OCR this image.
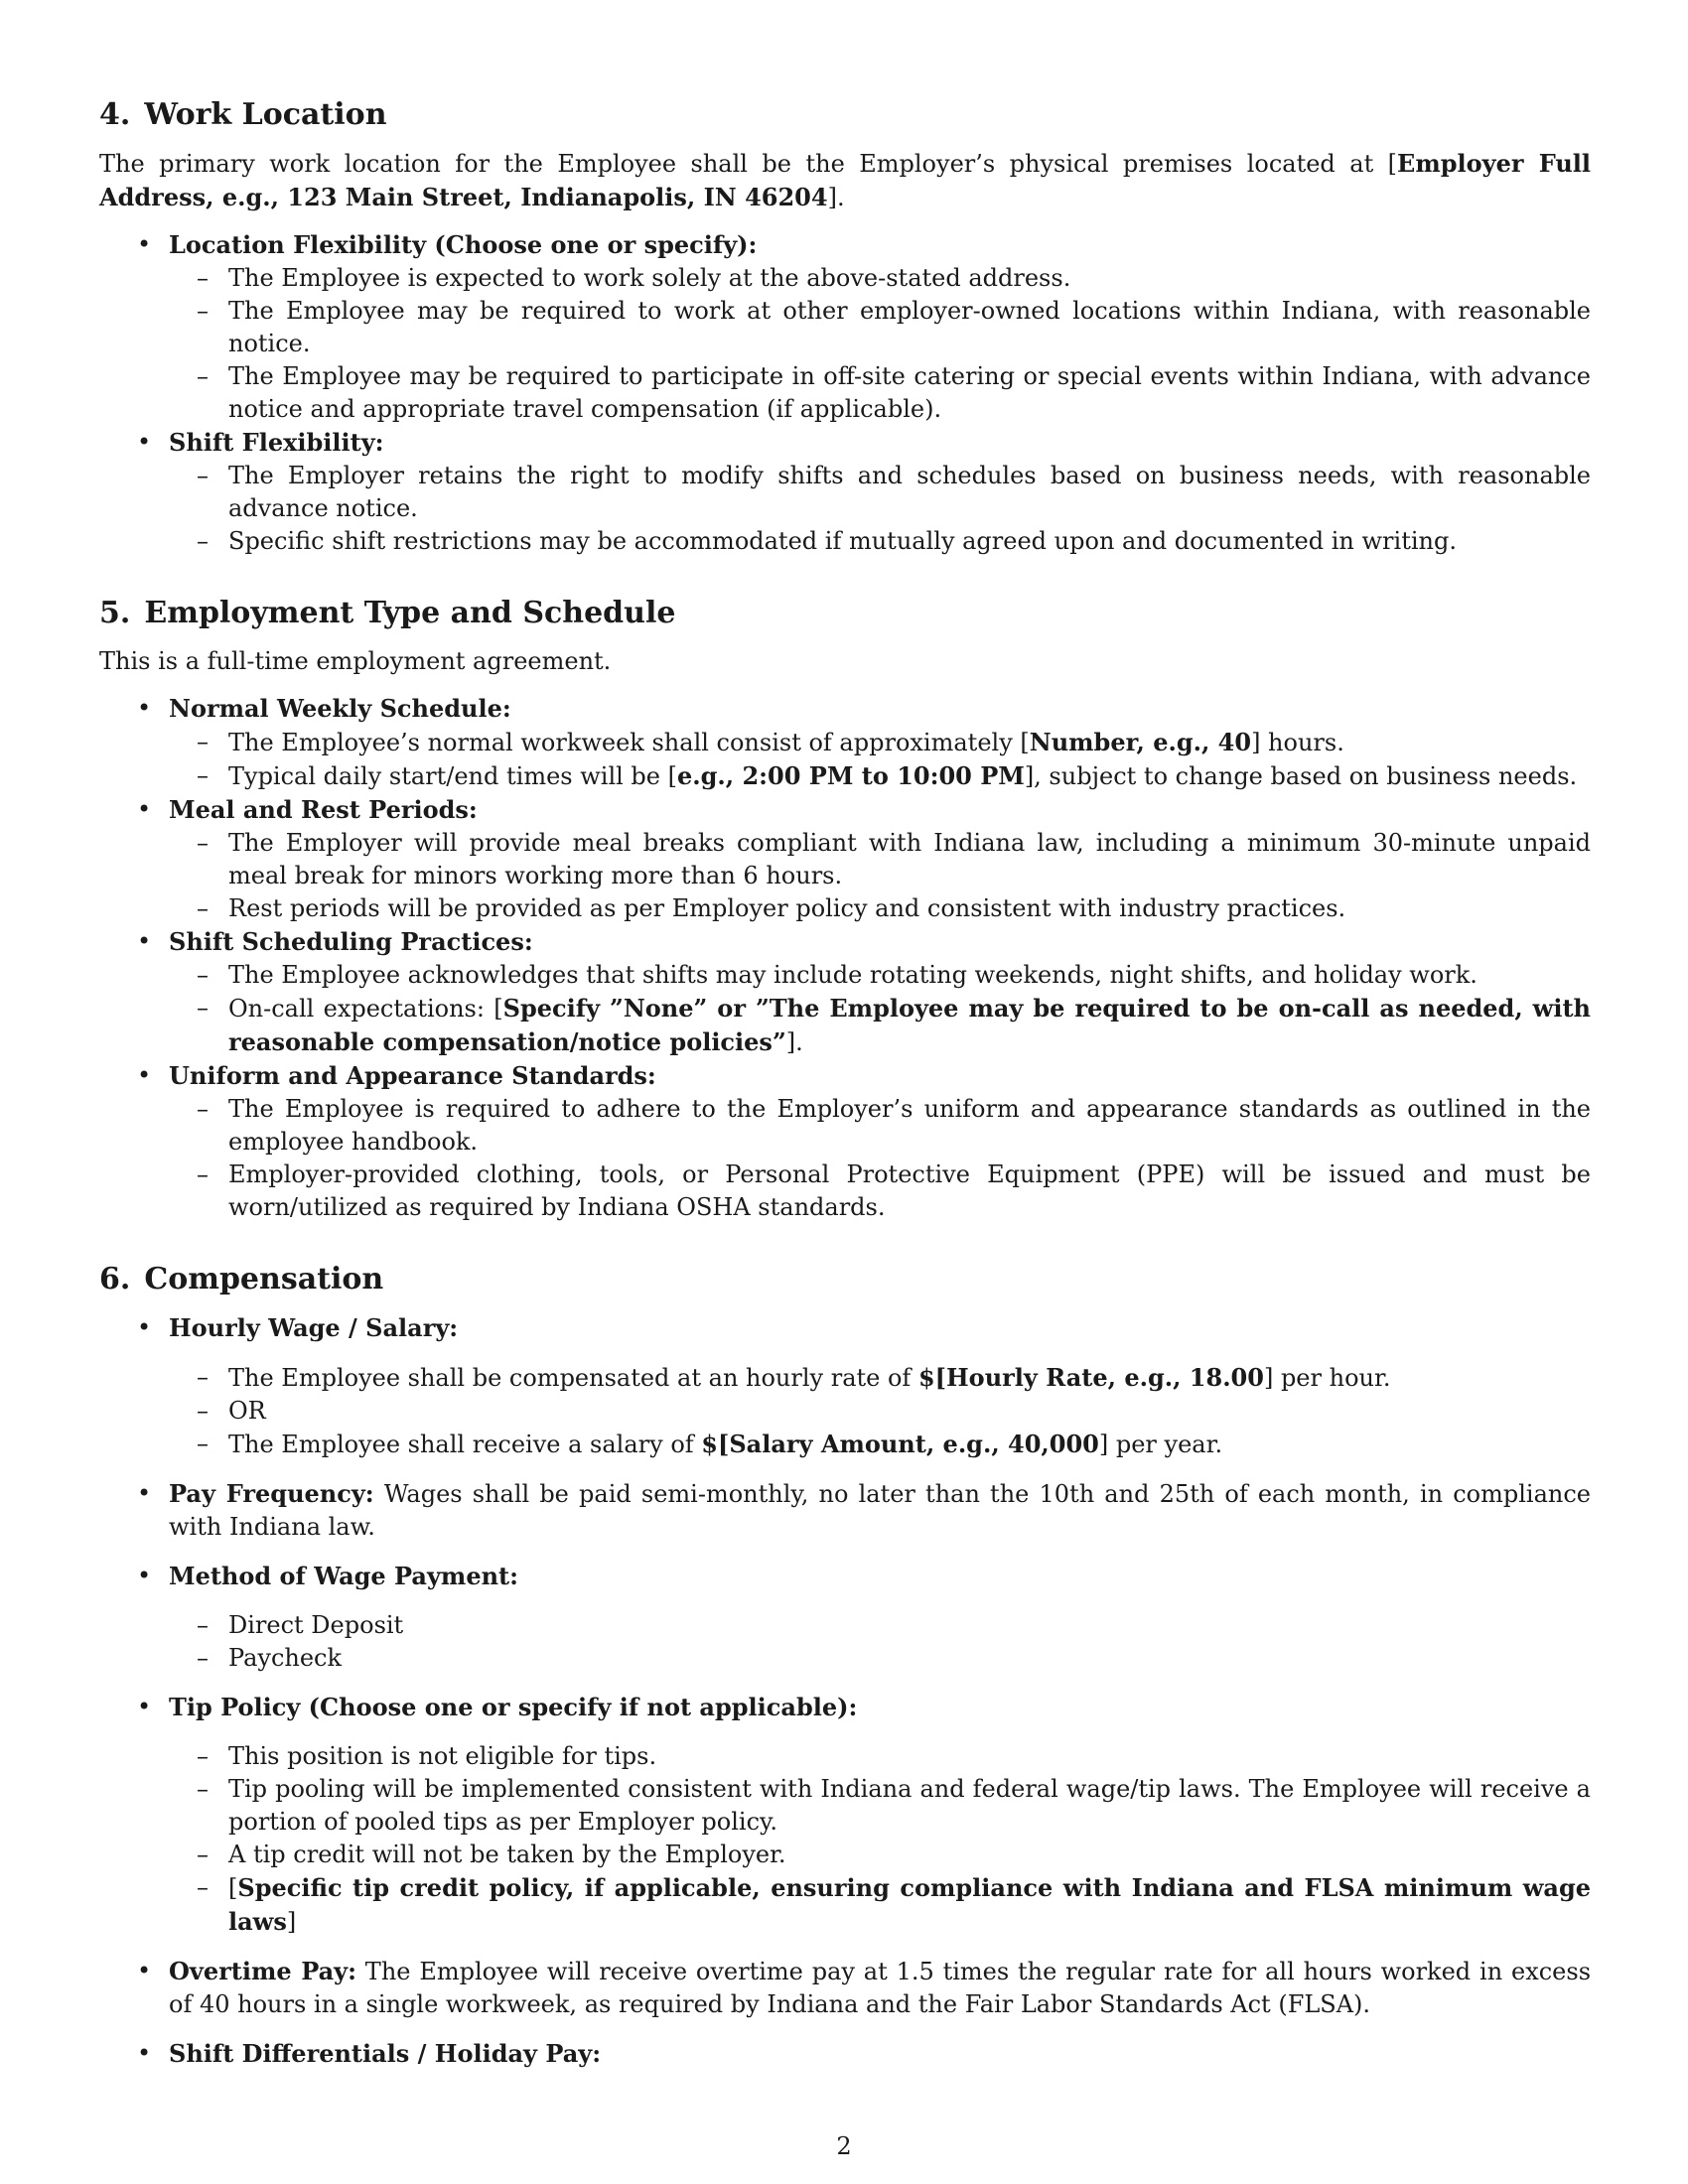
4. Work Location

The primary work location for the Employee shall be the Employer’s physical premises located at [Employer Full Address, e.g., 123 Main Street, Indianapolis, IN 46204].

• Location Flexibility (Choose one or specify):
– The Employee is expected to work solely at the above-stated address.
– The Employee may be required to work at other employer-owned locations within Indiana, with reasonable notice.
– The Employee may be required to participate in off-site catering or special events within Indiana, with advance notice and appropriate travel compensation (if applicable).
• Shift Flexibility:
– The Employer retains the right to modify shifts and schedules based on business needs, with reasonable advance notice.
– Specific shift restrictions may be accommodated if mutually agreed upon and documented in writing.
5. Employment Type and Schedule

This is a full-time employment agreement.

• Normal Weekly Schedule:
– The Employee’s normal workweek shall consist of approximately [Number, e.g., 40] hours.
– Typical daily start/end times will be [e.g., 2:00 PM to 10:00 PM], subject to change based on business needs.
• Meal and Rest Periods:
– The Employer will provide meal breaks compliant with Indiana law, including a minimum 30-minute unpaid meal break for minors working more than 6 hours.
– Rest periods will be provided as per Employer policy and consistent with industry practices.
• Shift Scheduling Practices:
– The Employee acknowledges that shifts may include rotating weekends, night shifts, and holiday work.
– On-call expectations: [Specify ”None” or ”The Employee may be required to be on-call as needed, with reasonable compensation/notice policies”].
• Uniform and Appearance Standards:
– The Employee is required to adhere to the Employer’s uniform and appearance standards as outlined in the employee handbook.
– Employer-provided clothing, tools, or Personal Protective Equipment (PPE) will be issued and must be worn/utilized as required by Indiana OSHA standards.
6. Compensation
• Hourly Wage / Salary:
– The Employee shall be compensated at an hourly rate of $[Hourly Rate, e.g., 18.00] per hour.
– OR
– The Employee shall receive a salary of $[Salary Amount, e.g., 40,000] per year.
• Pay Frequency: Wages shall be paid semi-monthly, no later than the 10th and 25th of each month, in compliance with Indiana law.
• Method of Wage Payment:
– Direct Deposit
– Paycheck
• Tip Policy (Choose one or specify if not applicable):
– This position is not eligible for tips.
– Tip pooling will be implemented consistent with Indiana and federal wage/tip laws. The Employee will receive a portion of pooled tips as per Employer policy.
– A tip credit will not be taken by the Employer.
– [Specific tip credit policy, if applicable, ensuring compliance with Indiana and FLSA minimum wage laws]
• Overtime Pay: The Employee will receive overtime pay at 1.5 times the regular rate for all hours worked in excess of 40 hours in a single workweek, as required by Indiana and the Fair Labor Standards Act (FLSA).
• Shift Differentials / Holiday Pay:
2
